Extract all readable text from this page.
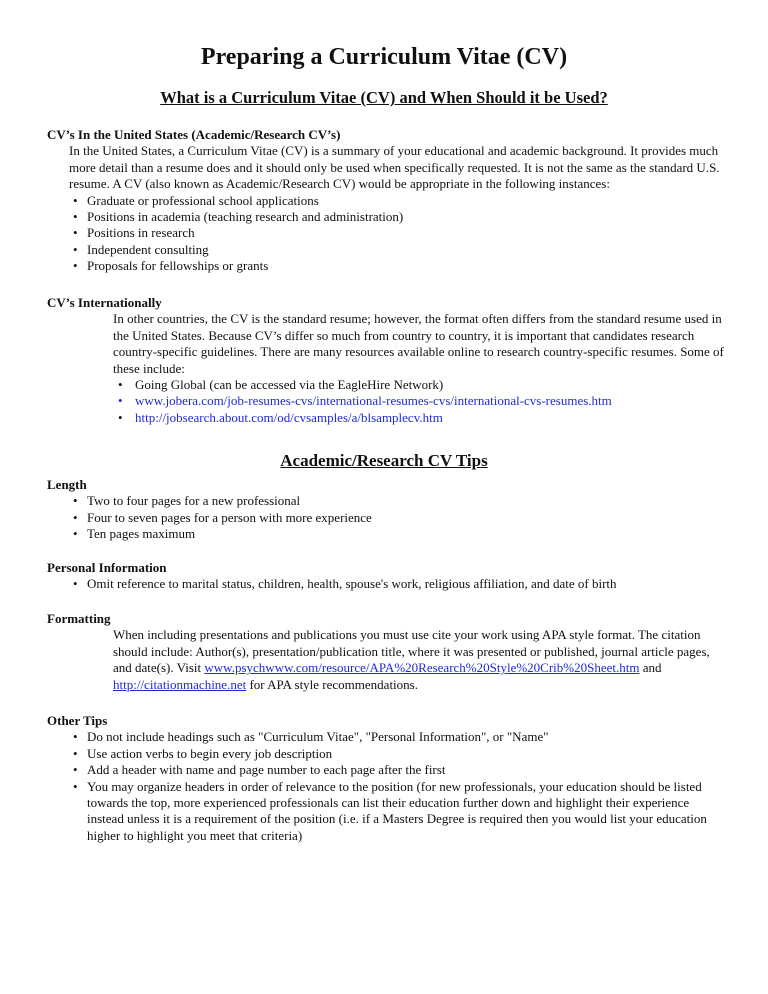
Preparing a Curriculum Vitae (CV)
What is a Curriculum Vitae (CV) and When Should it be Used?

CV’s In the United States (Academic/Research CV’s)

In the United States, a Curriculum Vitae (CV) is a summary of your educational and academic background. It provides much more detail than a resume does and it should only be used when specifically requested. It is not the same as the standard U.S. resume. A CV (also known as Academic/Research CV) would be appropriate in the following instances:

• Graduate or professional school applications
• Positions in academia (teaching research and administration)
• Positions in research
• Independent consulting
• Proposals for fellowships or grants

CV’s Internationally

In other countries, the CV is the standard resume; however, the format often differs from the standard resume used in the United States. Because CV’s differ so much from country to country, it is important that candidates research country-specific guidelines. There are many resources available online to research country-specific resumes. Some of these include:

• Going Global (can be accessed via the EagleHire Network)
• www.jobera.com/job-resumes-cvs/international-resumes-cvs/international-cvs-resumes.htm
• http://jobsearch.about.com/od/cvsamples/a/blsamplecv.htm
Academic/Research CV Tips

Length

• Two to four pages for a new professional
• Four to seven pages for a person with more experience
• Ten pages maximum

Personal Information

• Omit reference to marital status, children, health, spouse's work, religious affiliation, and date of birth

Formatting

When including presentations and publications you must use cite your work using APA style format. The citation should include: Author(s), presentation/publication title, where it was presented or published, journal article pages, and date(s). Visit www.psychwww.com/resource/APA%20Research%20Style%20Crib%20Sheet.htm and http://citationmachine.net for APA style recommendations.

Other Tips

• Do not include headings such as "Curriculum Vitae", "Personal Information", or "Name"
• Use action verbs to begin every job description
• Add a header with name and page number to each page after the first
• You may organize headers in order of relevance to the position (for new professionals, your education should be listed towards the top, more experienced professionals can list their education further down and highlight their experience instead unless it is a requirement of the position (i.e. if a Masters Degree is required then you would list your education higher to highlight you meet that criteria)
